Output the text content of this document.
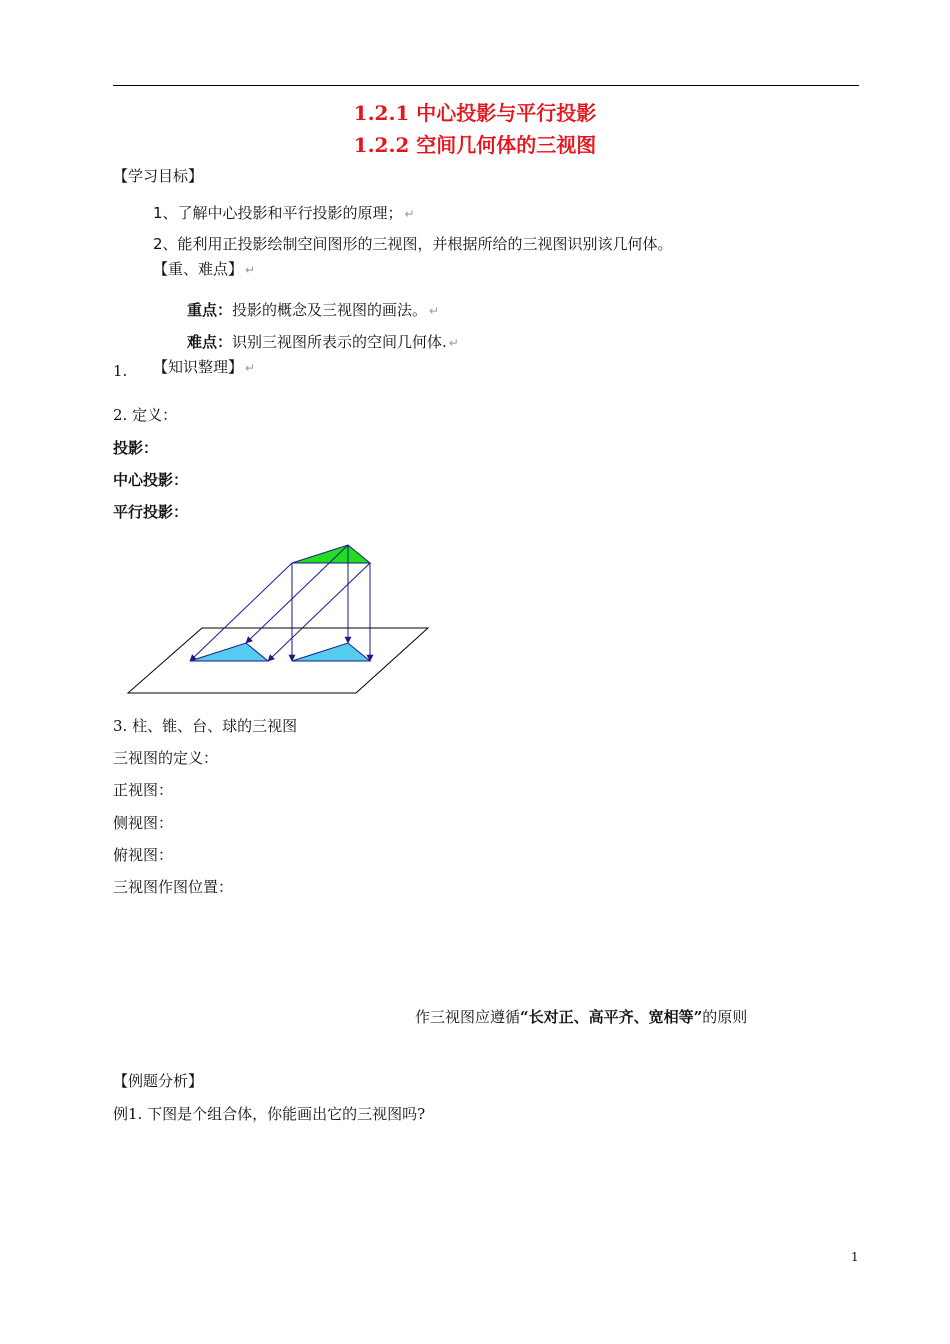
1.2.1 中心投影与平行投影
1.2.2 空间几何体的三视图
【学习目标】
1、了解中心投影和平行投影的原理； ↵
2、能利用正投影绘制空间图形的三视图，并根据所给的三视图识别该几何体。
【重、难点】 ↵
重点：投影的概念及三视图的画法。 ↵
难点：识别三视图所表示的空间几何体. ↵
1. 【知识整理】 ↵
2. 定义：
投影：
中心投影：
平行投影：
3. 柱、锥、台、球的三视图
三视图的定义：
正视图：
侧视图：
俯视图：
三视图作图位置：
作三视图应遵循“长对正、高平齐、宽相等”的原则
【例题分析】
例1. 下图是个组合体，你能画出它的三视图吗?
1
